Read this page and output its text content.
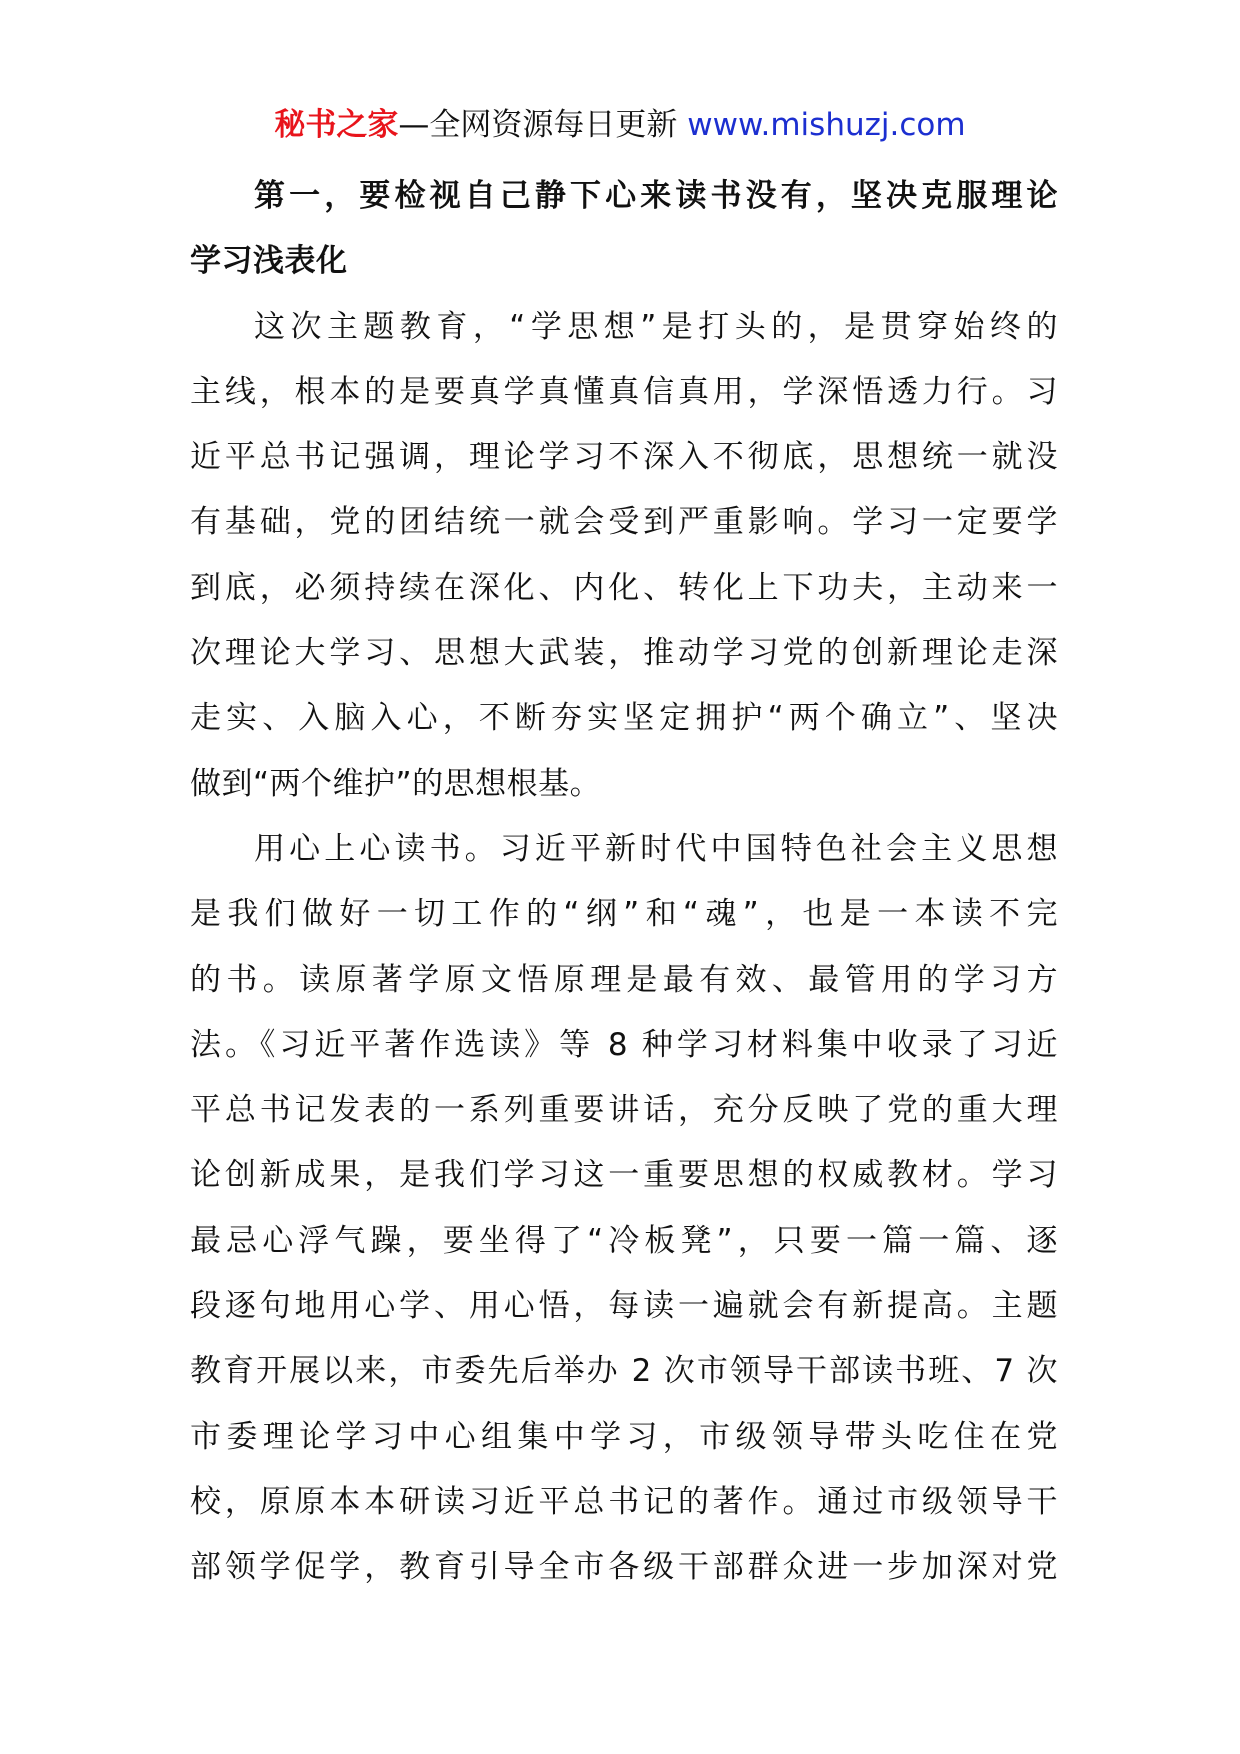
秘书之家—全网资源每日更新 www.mishuzj.com
第一，要检视自己静下心来读书没有，坚决克服理论
学习浅表化
这次主题教育，“学思想”是打头的，是贯穿始终的
主线，根本的是要真学真懂真信真用，学深悟透力行。习
近平总书记强调，理论学习不深入不彻底，思想统一就没
有基础，党的团结统一就会受到严重影响。学习一定要学
到底，必须持续在深化、内化、转化上下功夫，主动来一
次理论大学习、思想大武装，推动学习党的创新理论走深
走实、入脑入心，不断夯实坚定拥护“两个确立”、坚决
做到“两个维护”的思想根基。
用心上心读书。习近平新时代中国特色社会主义思想
是我们做好一切工作的“纲”和“魂”，也是一本读不完
的书。读原著学原文悟原理是最有效、最管用的学习方
法。《习近平著作选读》等 8 种学习材料集中收录了习近
平总书记发表的一系列重要讲话，充分反映了党的重大理
论创新成果，是我们学习这一重要思想的权威教材。学习
最忌心浮气躁，要坐得了“冷板凳”，只要一篇一篇、逐
段逐句地用心学、用心悟，每读一遍就会有新提高。主题
教育开展以来，市委先后举办 2 次市领导干部读书班、7 次
市委理论学习中心组集中学习，市级领导带头吃住在党
校，原原本本研读习近平总书记的著作。通过市级领导干
部领学促学，教育引导全市各级干部群众进一步加深对党
